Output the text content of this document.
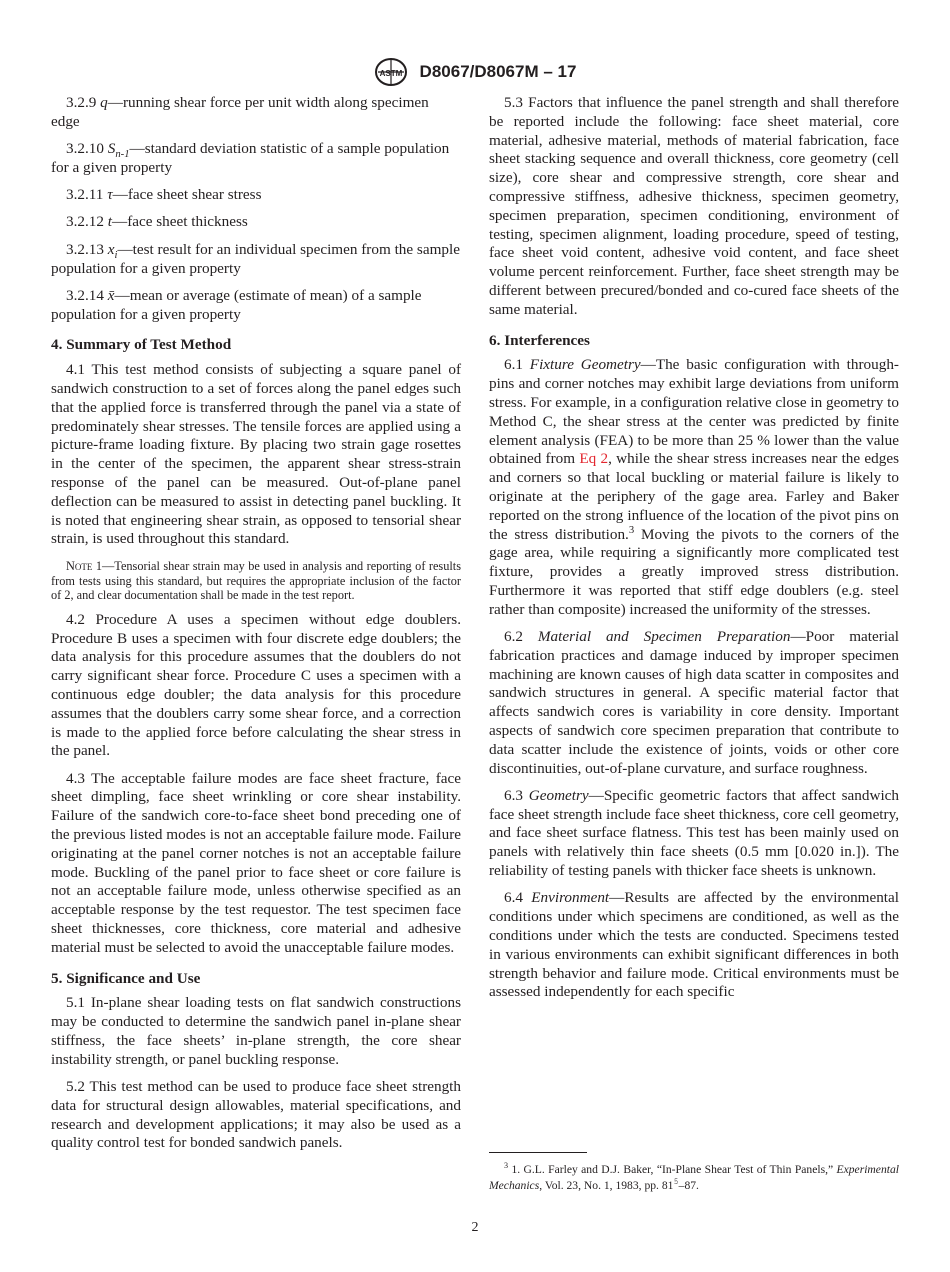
ASTM D8067/D8067M – 17

3.2.9 q—running shear force per unit width along specimen edge

3.2.10 $S_{n-1}—standard$ deviation statistic of a sample population for a given property

3.2.11 τ—face sheet shear stress

3.2.12 t—face sheet thickness

3.2.13 $x_i—test$ result for an individual specimen from the sample population for a given property

3.2.14 x̄—mean or average (estimate of mean) of a sample population for a given property

4. Summary of Test Method

4.1 This test method consists of subjecting a square panel of sandwich construction to a set of forces along the panel edges such that the applied force is transferred through the panel via a state of predominately shear stresses. The tensile forces are applied using a picture-frame loading fixture. By placing two strain gage rosettes in the center of the specimen, the apparent shear stress-strain response of the panel can be measured. Out-of-plane panel deflection can be measured to assist in detecting panel buckling. It is noted that engineering shear strain, as opposed to tensorial shear strain, is used throughout this standard.

Note 1—Tensorial shear strain may be used in analysis and reporting of results from tests using this standard, but requires the appropriate inclusion of the factor of 2, and clear documentation shall be made in the test report.

4.2 Procedure A uses a specimen without edge doublers. Procedure B uses a specimen with four discrete edge doublers; the data analysis for this procedure assumes that the doublers do not carry significant shear force. Procedure C uses a specimen with a continuous edge doubler; the data analysis for this procedure assumes that the doublers carry some shear force, and a correction is made to the applied force before calculating the shear stress in the panel.

4.3 The acceptable failure modes are face sheet fracture, face sheet dimpling, face sheet wrinkling or core shear instability. Failure of the sandwich core-to-face sheet bond preceding one of the previous listed modes is not an acceptable failure mode. Failure originating at the panel corner notches is not an acceptable failure mode. Buckling of the panel prior to face sheet or core failure is not an acceptable failure mode, unless otherwise specified as an acceptable response by the test requestor. The test specimen face sheet thicknesses, core thickness, core material and adhesive material must be selected to avoid the unacceptable failure modes.

5. Significance and Use

5.1 In-plane shear loading tests on flat sandwich constructions may be conducted to determine the sandwich panel in-plane shear stiffness, the face sheets’ in-plane strength, the core shear instability strength, or panel buckling response.

5.2 This test method can be used to produce face sheet strength data for structural design allowables, material specifications, and research and development applications; it may also be used as a quality control test for bonded sandwich panels.

5.3 Factors that influence the panel strength and shall therefore be reported include the following: face sheet material, core material, adhesive material, methods of material fabrication, face sheet stacking sequence and overall thickness, core geometry (cell size), core shear and compressive strength, core shear and compressive stiffness, adhesive thickness, specimen geometry, specimen preparation, specimen conditioning, environment of testing, specimen alignment, loading procedure, speed of testing, face sheet void content, adhesive void content, and face sheet volume percent reinforcement. Further, face sheet strength may be different between precured/bonded and co-cured face sheets of the same material.

6. Interferences

6.1 Fixture Geometry—The basic configuration with through-pins and corner notches may exhibit large deviations from uniform stress. For example, in a configuration relative close in geometry to Method C, the shear stress at the center was predicted by finite element analysis (FEA) to be more than 25 % lower than the value obtained from Eq 2, while the shear stress increases near the edges and corners so that local buckling or material failure is likely to originate at the periphery of the gage area. Farley and Baker reported on the strong influence of the location of the pivot pins on the stress distribution.$^3$ Moving the pivots to the corners of the gage area, while requiring a significantly more complicated test fixture, provides a greatly improved stress distribution. Furthermore it was reported that stiff edge doublers (e.g. steel rather than composite) increased the uniformity of the stresses.

6.2 Material and Specimen Preparation—Poor material fabrication practices and damage induced by improper specimen machining are known causes of high data scatter in composites and sandwich structures in general. A specific material factor that affects sandwich cores is variability in core density. Important aspects of sandwich core specimen preparation that contribute to data scatter include the existence of joints, voids or other core discontinuities, out-of-plane curvature, and surface roughness.

6.3 Geometry—Specific geometric factors that affect sandwich face sheet strength include face sheet thickness, core cell geometry, and face sheet surface flatness. This test has been mainly used on panels with relatively thin face sheets (0.5 mm [0.020 in.]). The reliability of testing panels with thicker face sheets is unknown.

6.4 Environment—Results are affected by the environmental conditions under which specimens are conditioned, as well as the conditions under which the tests are conducted. Specimens tested in various environments can exhibit significant differences in both strength behavior and failure mode. Critical environments must be assessed independently for each specific

$^3$ 1. G.L. Farley and D.J. Baker, “In-Plane Shear Test of Thin Panels,” Experimental Mechanics, Vol. 23, No. 1, 1983, pp. $81^𝟻-87$.
2
